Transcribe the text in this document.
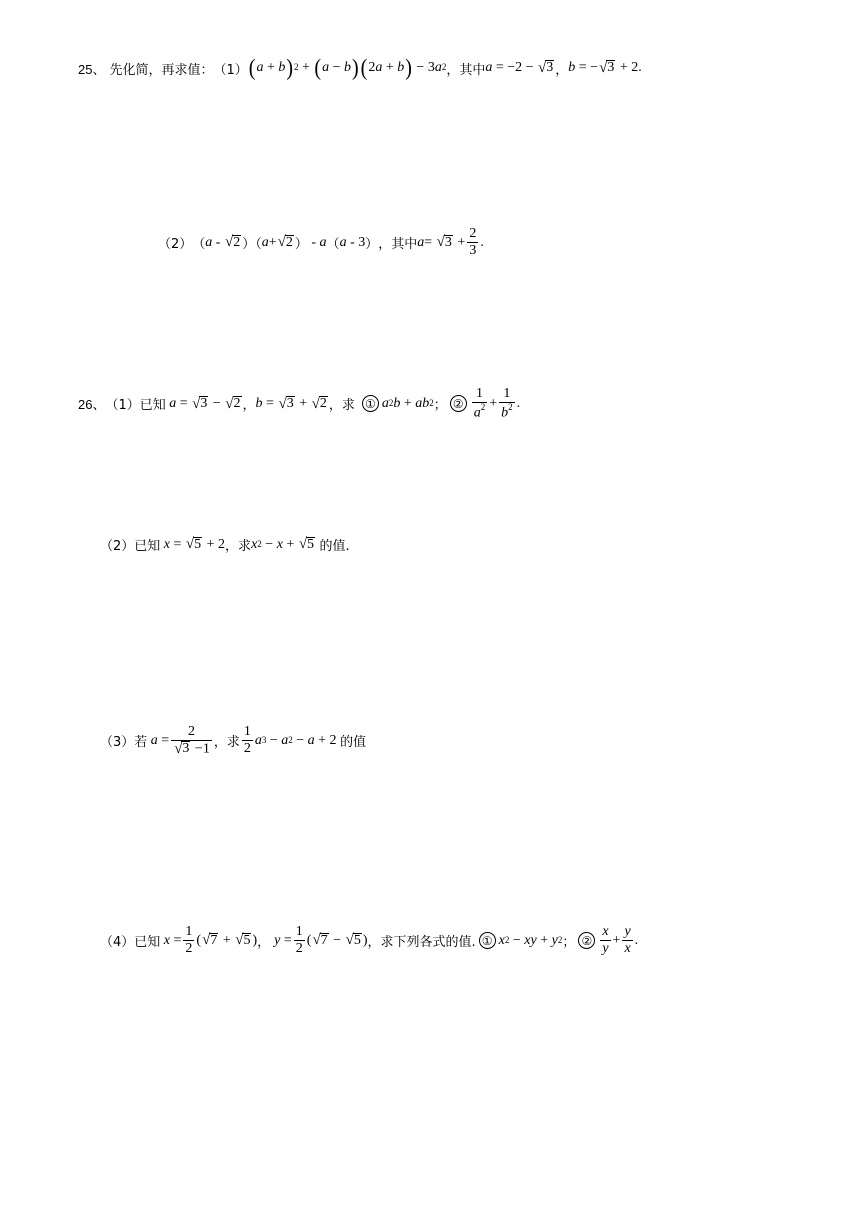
25、 先化简，再求值： （1） ( a + b ) 2 + ( a − b ) ( 2 a + b ) − 3 a 2 ，其中 a = −2 − √ 3 ， b = − √ 3 + 2 .
（2） （ a - √ 2 ）（ a + √ 2 ） - a （ a - 3 ） ，其中 a = √ $3 + \frac{2}{3}$ .
26、 （1）已知
a = √ 3 − √ 2 ， b = √ 3 + √ 2 ，求 ① a 2 b + ab 2 ； ② $\frac{1}{a^2} + \frac{1}{b^2}$ .
（2）已知
x = √ 5 + 2 ，求 x 2 − x + √ 5
的值.
（3）若
$a = \frac{2}{√ 3 -1}$ ，求 $\frac{1}{2}$ a 3 − a 2 − a + 2 的值
（4）已知
$x = \frac{1}{2}$ ( √ 7 + √ 5 ) ， $y = \frac{1}{2}$ ( √ 7 − √ 5 ) ，求下列各式的值. ① x 2 − xy + y 2 ； ② $\frac{x}{y} + \frac{y}{x}$ .
